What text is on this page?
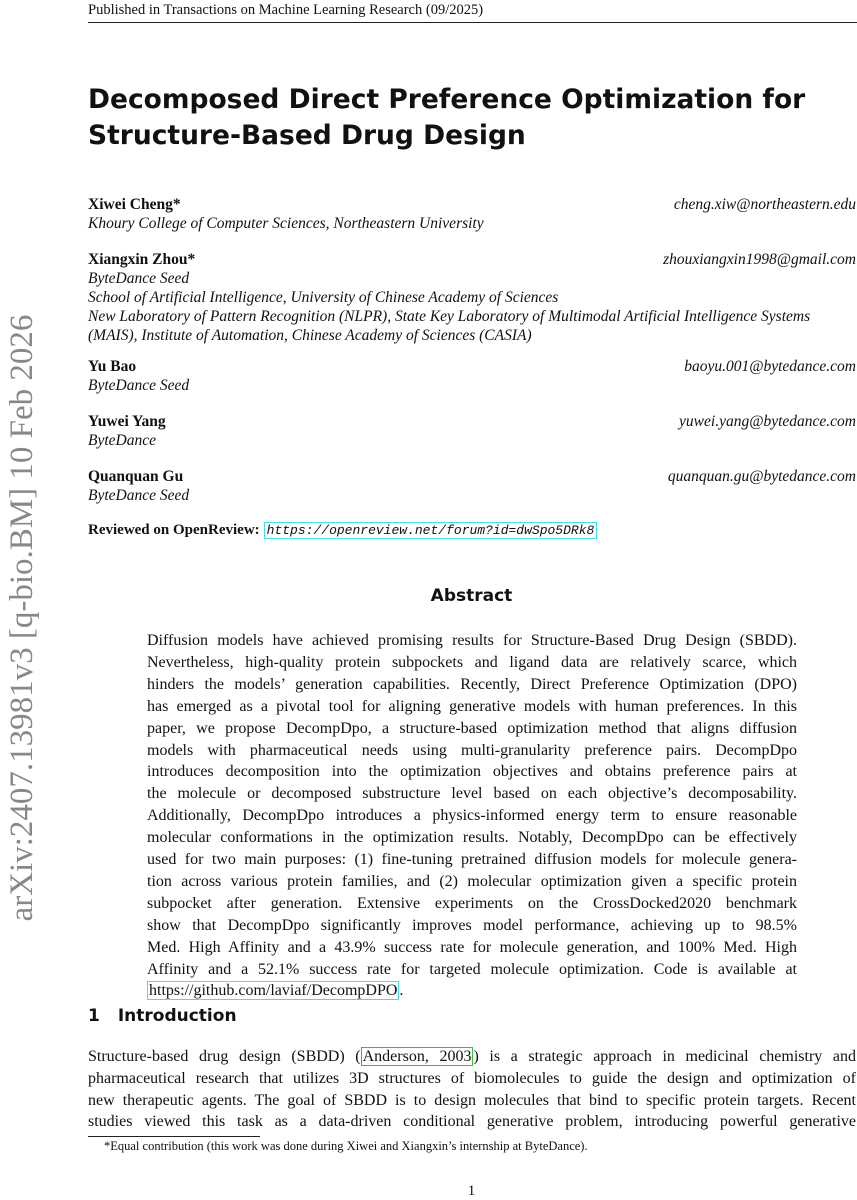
Published in Transactions on Machine Learning Research (09/2025)
arXiv:2407.13981v3 [q-bio.BM] 10 Feb 2026
Decomposed Direct Preference Optimization for
Structure-Based Drug Design
Xiwei Cheng*	cheng.xiw@northeastern.edu
Khoury College of Computer Sciences, Northeastern University
Xiangxin Zhou*	zhouxiangxin1998@gmail.com
ByteDance Seed
School of Artificial Intelligence, University of Chinese Academy of Sciences
New Laboratory of Pattern Recognition (NLPR), State Key Laboratory of Multimodal Artificial Intelligence Systems
(MAIS), Institute of Automation, Chinese Academy of Sciences (CASIA)
Yu Bao	baoyu.001@bytedance.com
ByteDance Seed
Yuwei Yang	yuwei.yang@bytedance.com
ByteDance
Quanquan Gu	quanquan.gu@bytedance.com
ByteDance Seed
Reviewed on OpenReview: https://openreview.net/forum?id=dwSpo5DRk8
Abstract
Diffusion models have achieved promising results for Structure-Based Drug Design (SBDD).
Nevertheless, high-quality protein subpockets and ligand data are relatively scarce, which
hinders the models’ generation capabilities. Recently, Direct Preference Optimization (DPO)
has emerged as a pivotal tool for aligning generative models with human preferences. In this
paper, we propose DecompDpo, a structure-based optimization method that aligns diffusion
models with pharmaceutical needs using multi-granularity preference pairs. DecompDpo
introduces decomposition into the optimization objectives and obtains preference pairs at
the molecule or decomposed substructure level based on each objective’s decomposability.
Additionally, DecompDpo introduces a physics-informed energy term to ensure reasonable
molecular conformations in the optimization results. Notably, DecompDpo can be effectively
used for two main purposes: (1) fine-tuning pretrained diffusion models for molecule genera-
tion across various protein families, and (2) molecular optimization given a specific protein
subpocket after generation. Extensive experiments on the CrossDocked2020 benchmark
show that DecompDpo significantly improves model performance, achieving up to 98.5%
Med. High Affinity and a 43.9% success rate for molecule generation, and 100% Med. High
Affinity and a 52.1% success rate for targeted molecule optimization. Code is available at
https://github.com/laviaf/DecompDPO .
1 Introduction
Structure-based drug design (SBDD) ( Anderson, 2003 ) is a strategic approach in medicinal chemistry and
pharmaceutical research that utilizes 3D structures of biomolecules to guide the design and optimization of
new therapeutic agents. The goal of SBDD is to design molecules that bind to specific protein targets. Recent
studies viewed this task as a data-driven conditional generative problem, introducing powerful generative
*Equal contribution (this work was done during Xiwei and Xiangxin’s internship at ByteDance).
1
